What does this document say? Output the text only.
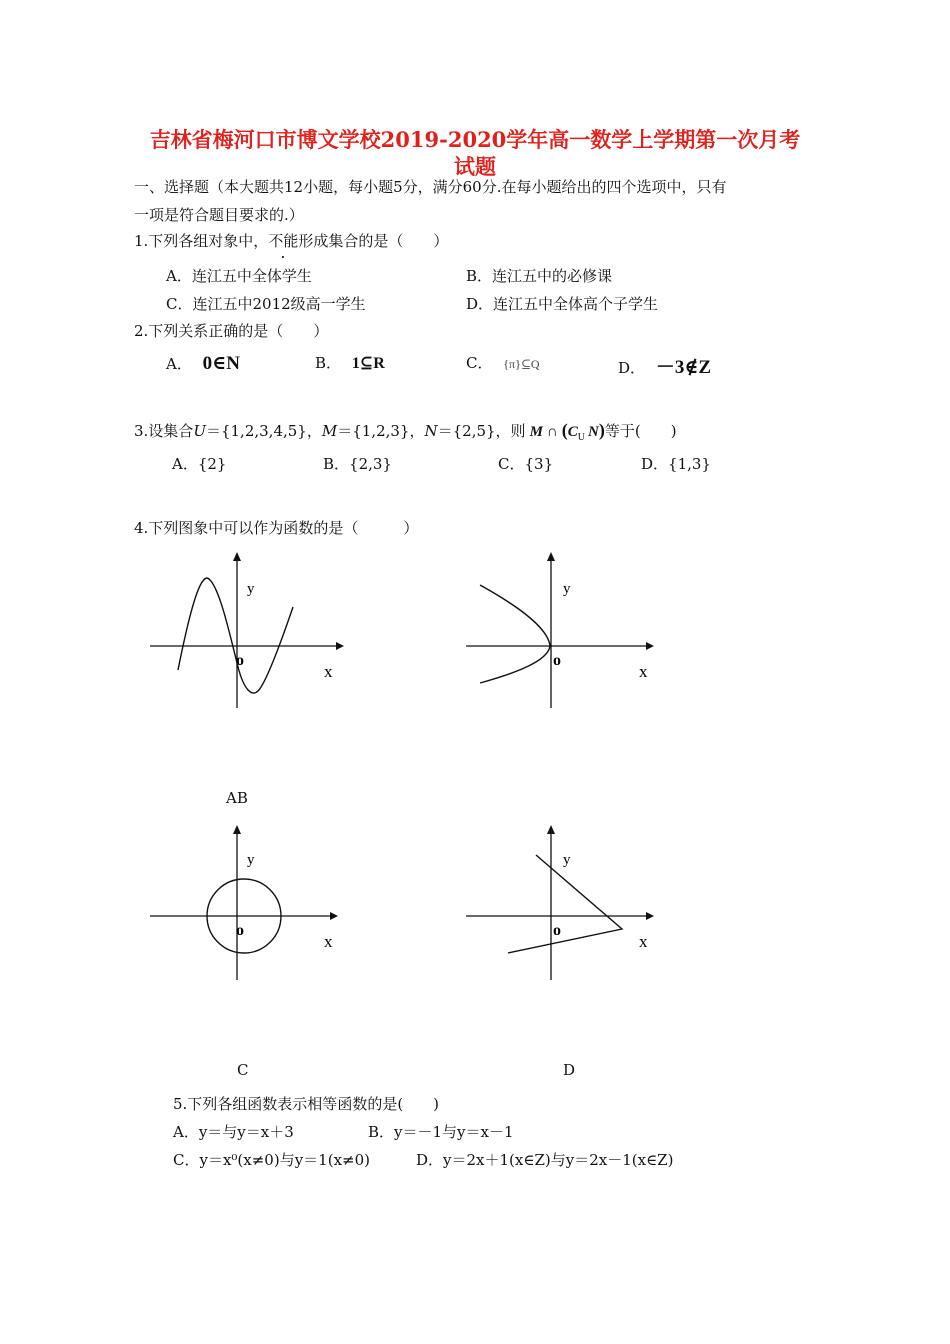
吉林省梅河口市博文学校2019-2020学年高一数学上学期第一次月考
试题
一、选择题（本大题共12小题，每小题5分，满分60分.在每小题给出的四个选项中，只有
一项是符合题目要求的.）
1.下列各组对象中，不能形成集合的是（　　）
A．连江五中全体学生	B．连江五中的必修课
C．连江五中2012级高一学生	D．连江五中全体高个子学生
2.下列关系正确的是（　　）
A． 0∈N	B． 1⊆R	C． {π}⊆Q	D． －3∉Z
3.设集合U＝{1,2,3,4,5}，M＝{1,2,3}，N＝{2,5}，则 M ∩ ($C_U$ N)等于(　　)
A．{2}	B．{2,3}	C．{3}	D．{1,3}
4.下列图象中可以作为函数的是（　　　）
y
o
x
y
o
x
AB
y
o
x
y
o
x
C	D
5.下列各组函数表示相等函数的是(　　)
A．y＝与y＝x＋3	B．y＝－1与y＝x－1
C．y＝x⁰(x≠0)与y＝1(x≠0)	D．y＝2x＋1(x∈Z)与y＝2x－1(x∈Z)
